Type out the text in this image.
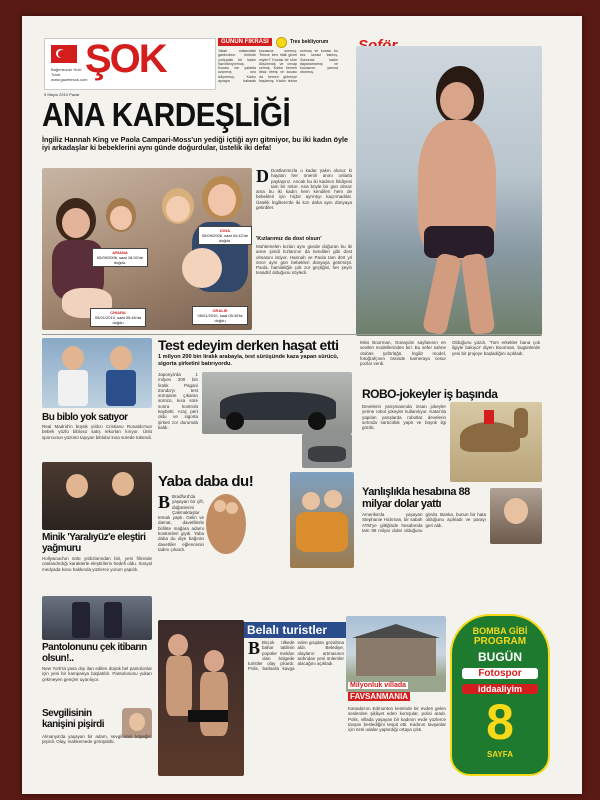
ŞOK
Bağımsızdır Hızlı Tutar
www.gazetesok.com
5 Mayıs 2010 Pazar
GÜNÜN FIKRASI	Tres bekliyorum
Yatak odasındaki gardırobun önünde çırılçıplak bir kadın hazırlanıyormuş. Kocası ise yatakta uzanmış onu izliyormuş. Kadın aynaya bakarak kocasına sormuş: 'Sence ben hâlâ güzel miyim?' Kocası bir süre düşünmüş ve cevap vermiş. Kadın hemen itiraz etmiş ve kocası da hemen gülmeye başlamış. Kadın tekrar sormuş ve kocası bu kez sessiz kalmış. Sonunda kadın dayanamamış ve kocasının yanına oturmuş.
Miss Boorman, Günaydın sayfasının en sevilen modellerinden biri. Bu sefer sahne otobüs şoförlüğü. İngiliz model, fotoğrafçının önünde kameraya cesur pozlar verdi.
Olduğunu yazdı. 'Tüm erkekler bana çok ilgiyle bakıyor' diyen Boorman, bugünlerde yeni bir projeye başladığını açıkladı.
ANA KARDEŞLİĞİ
İngiliz Hannah King ve Paola Campari-Moss'un yediği içtiği ayrı gitmiyor, bu iki kadın öyle iyi arkadaşlar ki bebeklerini aynı günde doğurdular, üstelik iki defa!
ARIANA
05/09/2006, saat 18:00'de doğdu.
IONA
05/09/2006, saat 04:42'de doğdu.
CHIARA
05/01/2010, saat 05:46'da doğdu
ORALIE
05/01/2010, saat 05:40'ta doğdu
D Dostlarımızla o kadar yakın oluruz ki hayatın her önemli anını onlarla paylaşırız. Ancak bu iki kadının hikâyesi tam bir rekor. Ana böyle bir gün olmaz ama bu iki kadın hem kendileri hem de bebekleri için hiçbir ayrıntıyı kaçırmadılar. Üstelik İngiltere'de iki kızı daha aynı dünyaya getirdiler.
'Kızlarımız da dost olsun'
Muhtemelen kızları aynı günde doğuran bu iki anne şimdi kızlarının da kendileri gibi dost olmasını istiyor. Hannah ve Paola tam dört yıl önce aynı gün bebekleri dünyaya getirmişti. Paola, hamileliğin çok zor geçtiğini, her şeyin tesadüf olduğunu söyledi.
Bu biblo yok satıyor
Real Madrid'in büyük yıldızı Cristiano Ronaldo'nun bebek yüzlü biblosu satış rekorları kırıyor. Ünlü sporcunun yüzünü taşıyan biblolar kısa sürede tükendi.
Test edeyim derken haşat etti
1 milyon 200 bin liralık arabayla, test sürüşünde kaza yapan sürücü, sigorta şirketini batırıyordu.
Japonya'da 1 milyon 200 bin liralık Pagani Zonda'yı test sürüşüne çıkaran sürücü, kısa süre sonra kontrolü kaybetti. Araç pert oldu ve sigorta şirketi zor durumda kaldı.
Minik 'Yaralıyüz'e eleştiri yağmuru
Hollywood'un ünlü yıldızlarından biri, yeni filminde canlandırdığı karakterle eleştirilerin hedefi oldu. Sosyal medyada konu hakkında yüzlerce yorum yapıldı.
Yaba daba du!
B Bradford'da yaşayan bir çift, düğünlerini Çakmaktaşlar temalı yaptı. Gelin ve damat, davetlilerle birlikte mağara adamı kostümleri giydi. Yaba daba du diye bağıran davetliler eğlencenin tadını çıkardı.
ROBO-jokeyler iş başında
Develerin yarışmasında insan jokeyler yerine robot jokeyler kullanılıyor. Katar'da yapılan yarışlarda robotlar develerin sırtında sürücülük yaptı ve büyük ilgi gördü.
Yanlışlıkla hesabına 88 milyar dolar yattı
Amerika'da yaşayan Stephanie Hickman, bir sabah ATM'ye gittiğinde hesabında tam 88 milyar dolar olduğunu gördü. Banka, bunun bir hata olduğunu açıkladı ve parayı geri aldı.
Pantolonunu çek itibarın olsun!..
New York'ta yasa dışı ilan edilen düşük bel pantolonlar için yeni bir kampanya başlatıldı. Pantolonunu yukarı çekmeyen gençler uyarılıyor.
Sevgilisinin kanişini pişirdi
Almanya'da yaşayan bir adam, sevgilisinin köpeğini pişirdi. Olay, mahkemede görüşüldü.
Belalı turistler
B Birçok ülkede bahar tatilinin popüler mekânı olan bölgede turistler olay çıkardı. Polis, barlarda kavga eden grupları gözaltına aldı. Belediye, olayların artmasının ardından yeni önlemler alacağını açıkladı.
Milyonluk villada
FAVSANMANIA
Kanada'nın Edmonton kentinde bir evden gelen seslerden şikâyet eden komşular, polisi aradı. Polis, villada yaşayan bir kadının evde yüzlerce tavşan beslediğini tespit etti. Kadının tavşanlar için özel odalar yaptırdığı ortaya çıktı.
BOMBA GİBİ
PROGRAM
BUGÜN
Fotospor
iddaaliyim
8
SAYFA
